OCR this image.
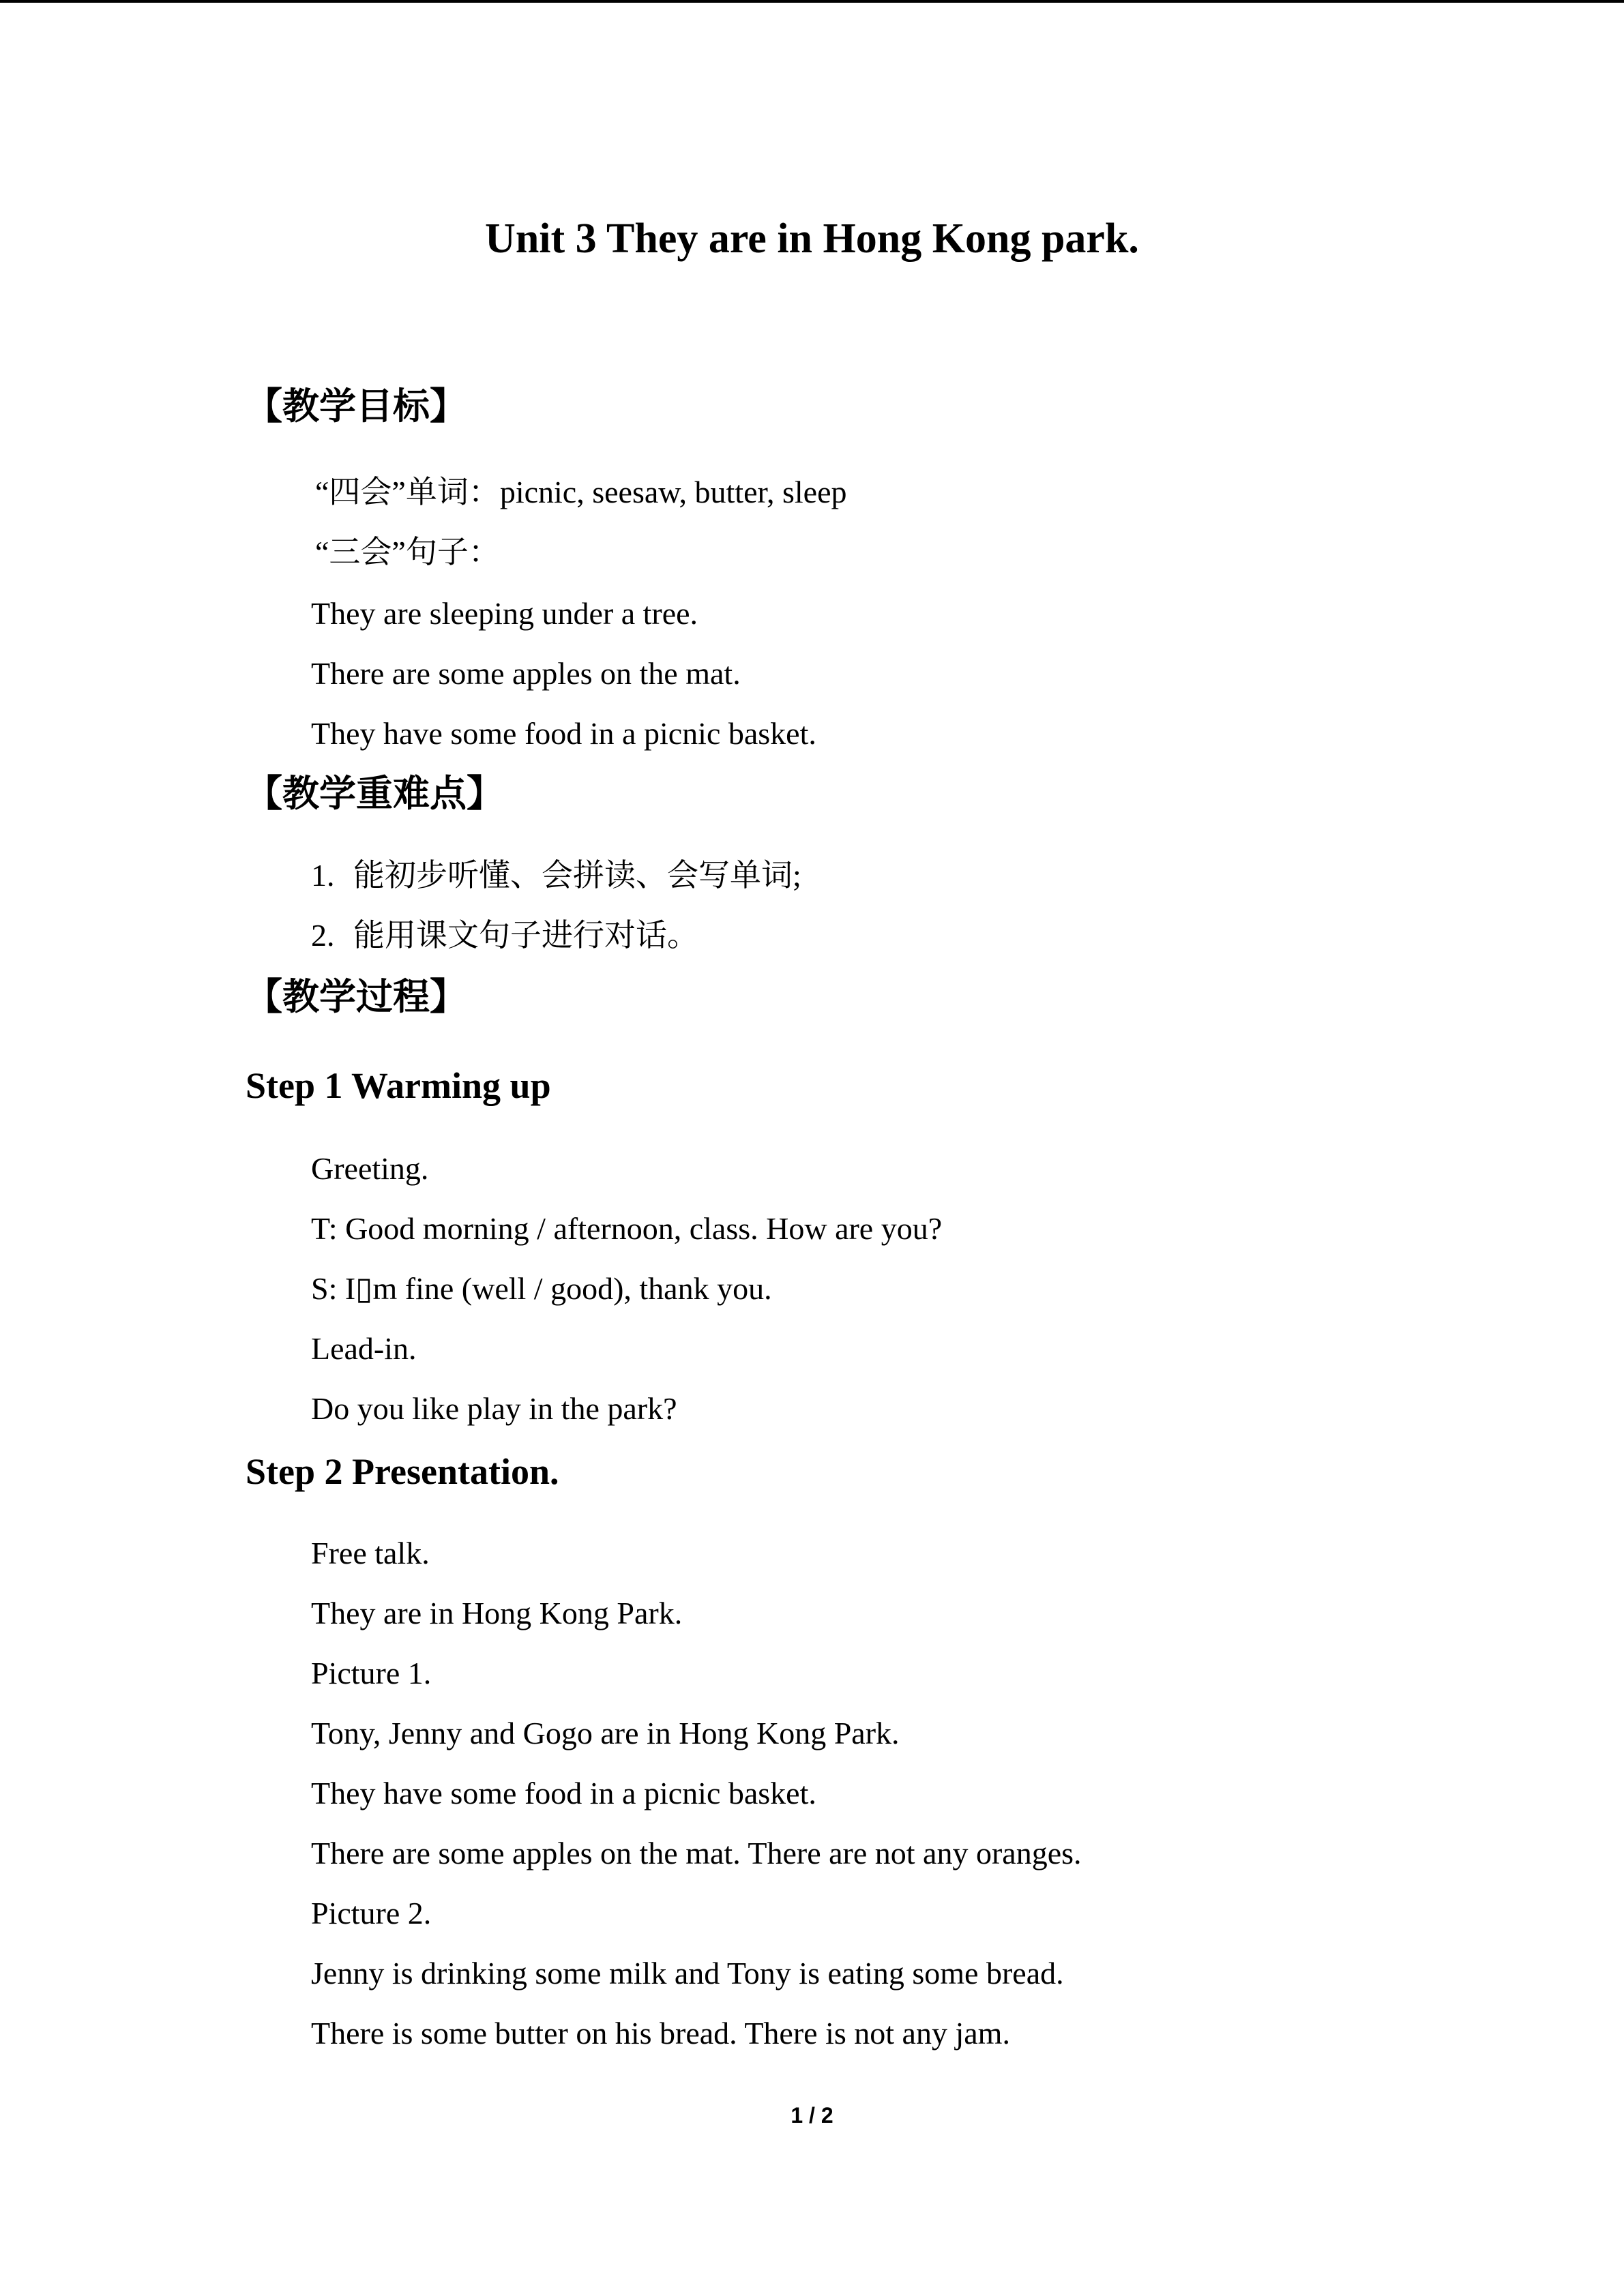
Unit 3 They are in Hong Kong park.
【教学目标】
“四会”单词：picnic, seesaw, butter, sleep
“三会”句子：
They are sleeping under a tree.
There are some apples on the mat.
They have some food in a picnic basket.
【教学重难点】
1. 能初步听懂、会拼读、会写单词;
2. 能用课文句子进行对话。
【教学过程】
Step 1 Warming up
Greeting.
T: Good morning / afternoon, class. How are you?
S: I▯m fine (well / good), thank you.
Lead-in.
Do you like play in the park?
Step 2 Presentation.
Free talk.
They are in Hong Kong Park.
Picture 1.
Tony, Jenny and Gogo are in Hong Kong Park.
They have some food in a picnic basket.
There are some apples on the mat. There are not any oranges.
Picture 2.
Jenny is drinking some milk and Tony is eating some bread.
There is some butter on his bread. There is not any jam.
1 / 2
